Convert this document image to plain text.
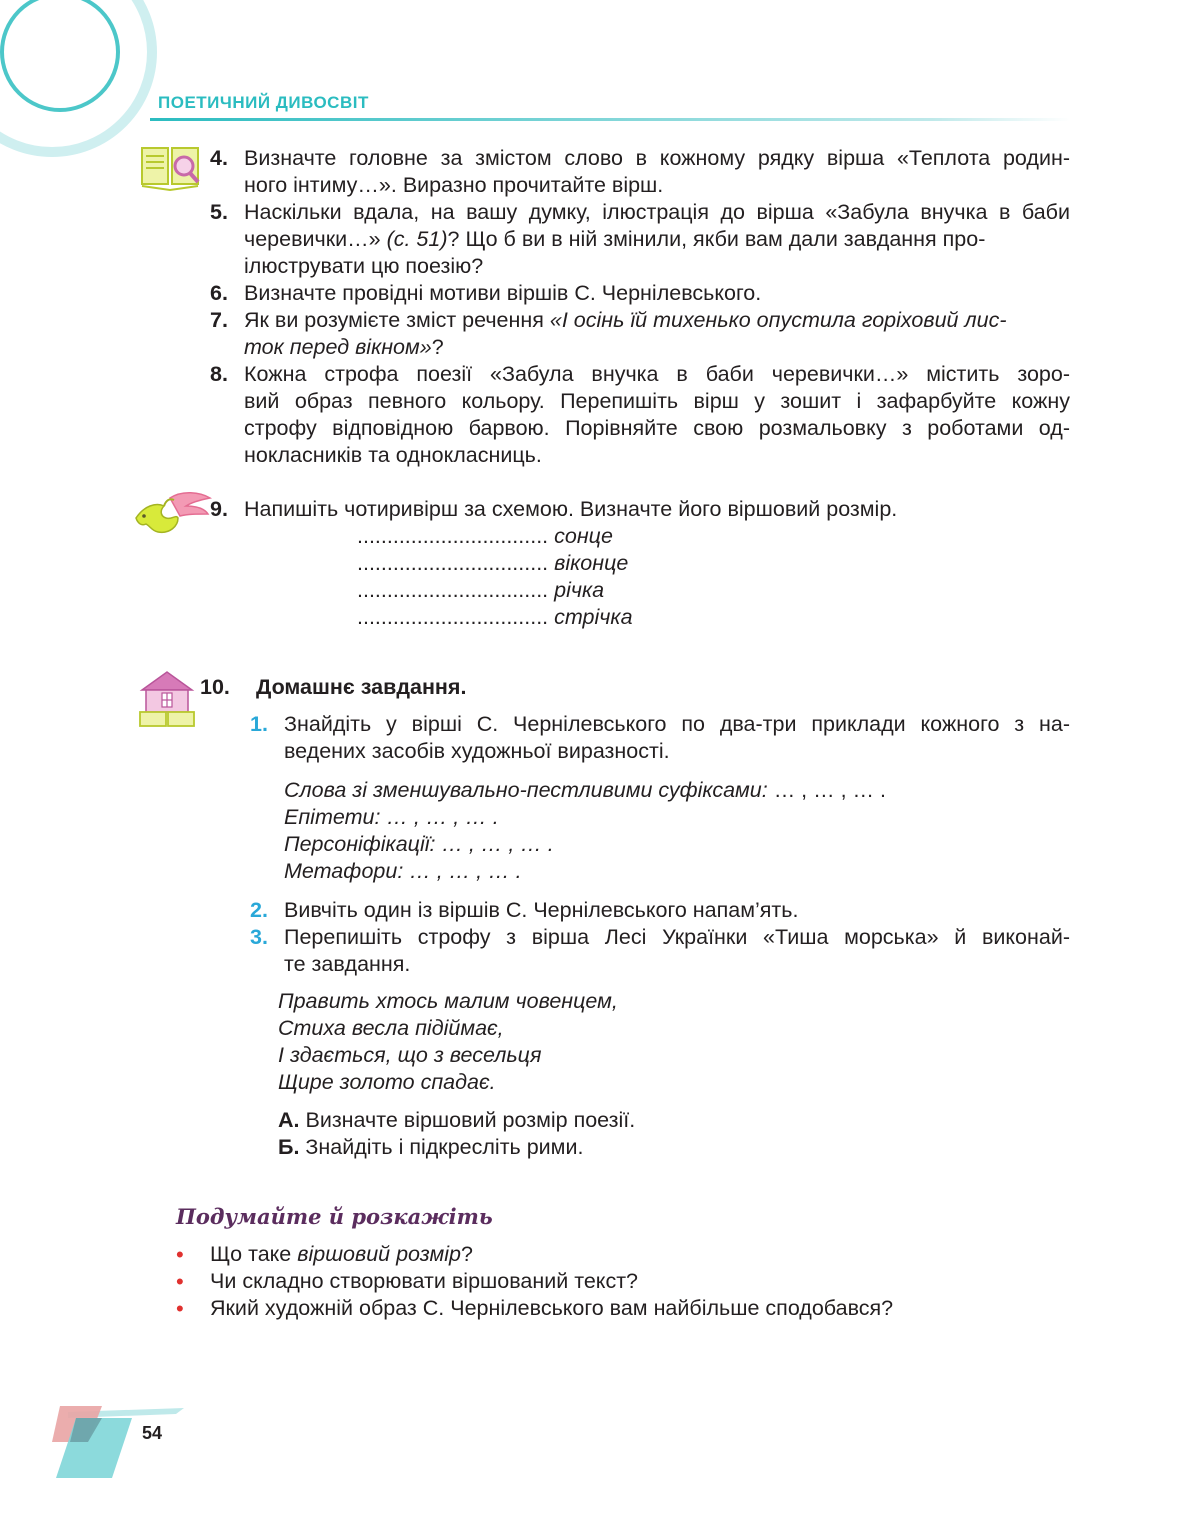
ПОЕТИЧНИЙ ДИВОСВІТ
4. Визначте головне за змістом слово в кожному рядку вірша «Теплота родин-
ного інтиму…». Виразно прочитайте вірш.
5. Наскільки вдала, на вашу думку, ілюстрація до вірша «Забула внучка в баби
черевички…» (с. 51)? Що б ви в ній змінили, якби вам дали завдання про-
ілюструвати цю поезію?
6. Визначте провідні мотиви віршів С. Чернілевського.
7. Як ви розумієте зміст речення «І осінь їй тихенько опустила горіховий лис-
ток перед вікном»?
8. Кожна строфа поезії «Забула внучка в баби черевички…» містить зоро-
вий образ певного кольору. Перепишіть вірш у зошит і зафарбуйте кожну
строфу відповідною барвою. Порівняйте свою розмальовку з роботами од-
нокласників та однокласниць.
9. Напишіть чотиривірш за схемою. Визначте його віршовий розмір.
................................ сонце
................................ віконце
................................ річка
................................ стрічка
10. Домашнє завдання.
1. Знайдіть у вірші С. Чернілевського по два-три приклади кожного з на-
ведених засобів художньої виразності.
Слова зі зменшувально-пестливими суфіксами: … , … , … .
Епітети: … , … , … .
Персоніфікації: … , … , … .
Метафори: … , … , … .
2. Вивчіть один із віршів С. Чернілевського напам’ять.
3. Перепишіть строфу з вірша Лесі Українки «Тиша морська» й виконай-
те завдання.
Править хтось малим човенцем,
Стиха весла підіймає,
І здається, що з весельця
Щире золото спадає.
А. Визначте віршовий розмір поезії.
Б. Знайдіть і підкресліть рими.
Подумайте й розкажіть
• Що таке віршовий розмір?
• Чи складно створювати віршований текст?
• Який художній образ С. Чернілевського вам найбільше сподобався?
54
